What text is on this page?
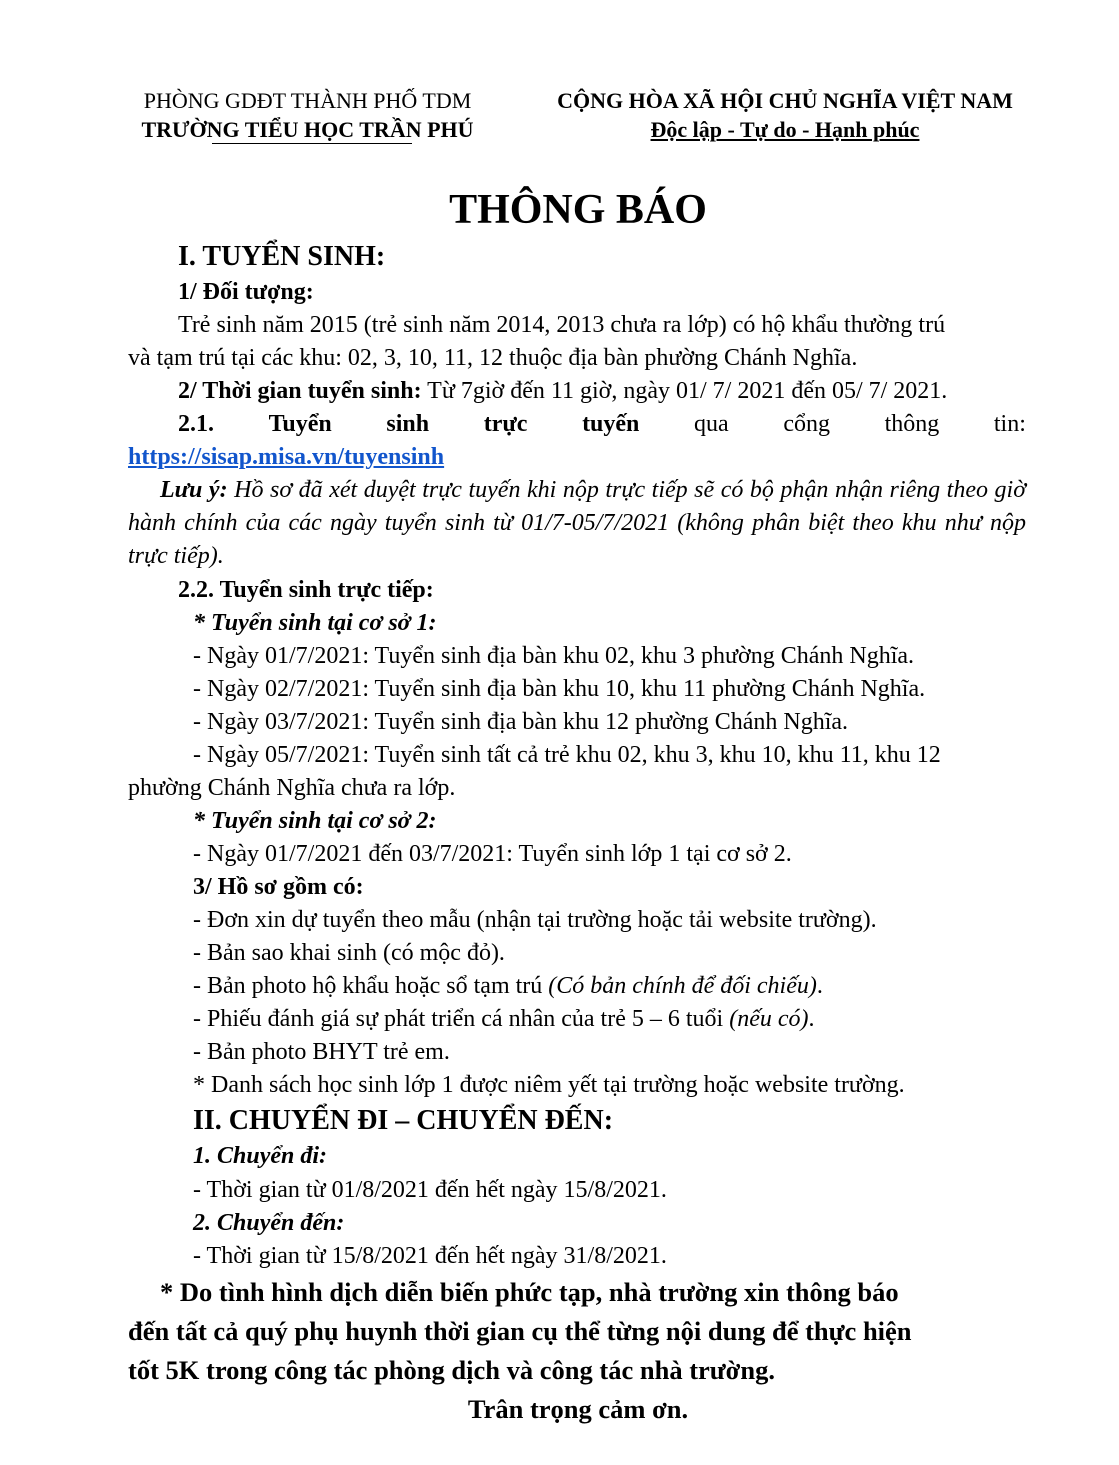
PHÒNG GDĐT THÀNH PHỐ TDM
TRƯỜNG TIỂU HỌC TRẦN PHÚ
CỘNG HÒA XÃ HỘI CHỦ NGHĨA VIỆT NAM
Độc lập - Tự do - Hạnh phúc
THÔNG BÁO
I. TUYỂN SINH:
1/ Đối tượng:
Trẻ sinh năm 2015 (trẻ sinh năm 2014, 2013 chưa ra lớp) có hộ khẩu thường trú
và tạm trú tại các khu: 02, 3, 10, 11, 12 thuộc địa bàn phường Chánh Nghĩa.
2/ Thời gian tuyển sinh: Từ 7giờ đến 11 giờ, ngày 01/ 7/ 2021 đến 05/ 7/ 2021.
2.1. Tuyển sinh trực tuyến qua cổng thông tin:
https://sisap.misa.vn/tuyensinh
Lưu ý: Hồ sơ đã xét duyệt trực tuyến khi nộp trực tiếp sẽ có bộ phận nhận riêng theo giờ hành chính của các ngày tuyển sinh từ 01/7-05/7/2021 (không phân biệt theo khu như nộp trực tiếp).
2.2. Tuyển sinh trực tiếp:
* Tuyển sinh tại cơ sở 1:
- Ngày 01/7/2021: Tuyển sinh địa bàn khu 02, khu 3 phường Chánh Nghĩa.
- Ngày 02/7/2021: Tuyển sinh địa bàn khu 10, khu 11 phường Chánh Nghĩa.
- Ngày 03/7/2021: Tuyển sinh địa bàn khu 12 phường Chánh Nghĩa.
- Ngày 05/7/2021: Tuyển sinh tất cả trẻ khu 02, khu 3, khu 10, khu 11, khu 12
phường Chánh Nghĩa chưa ra lớp.
* Tuyển sinh tại cơ sở 2:
- Ngày 01/7/2021 đến 03/7/2021: Tuyển sinh lớp 1 tại cơ sở 2.
3/ Hồ sơ gồm có:
- Đơn xin dự tuyển theo mẫu (nhận tại trường hoặc tải website trường).
- Bản sao khai sinh (có mộc đỏ).
- Bản photo hộ khẩu hoặc sổ tạm trú (Có bản chính để đối chiếu).
- Phiếu đánh giá sự phát triển cá nhân của trẻ 5 – 6 tuổi (nếu có).
- Bản photo BHYT trẻ em.
* Danh sách học sinh lớp 1 được niêm yết tại trường hoặc website trường.
II. CHUYỂN ĐI – CHUYỂN ĐẾN:
1. Chuyển đi:
- Thời gian từ 01/8/2021 đến hết ngày 15/8/2021.
2. Chuyển đến:
- Thời gian từ 15/8/2021 đến hết ngày 31/8/2021.
* Do tình hình dịch diễn biến phức tạp, nhà trường xin thông báo
đến tất cả quý phụ huynh thời gian cụ thể từng nội dung để thực hiện
tốt 5K trong công tác phòng dịch và công tác nhà trường.
Trân trọng cảm ơn.
